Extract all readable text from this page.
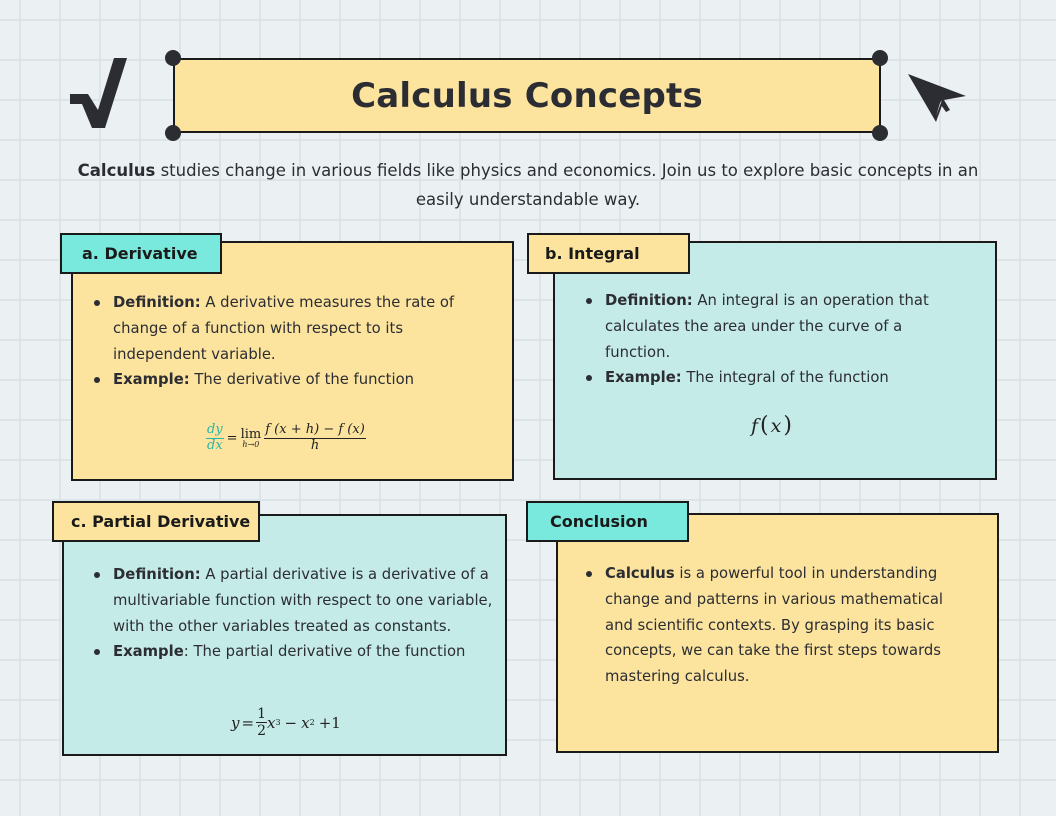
Calculus Concepts

Calculus studies change in various fields like physics and economics. Join us to explore basic concepts in an easily understandable way.

Definition: A derivative measures the rate of change of a function with respect to its independent variable.
Example: The derivative of the function
$\frac{dy}{dx} = \lim$
$h\to 0 \frac{f (x + h) - f (x)}{h}$
a. Derivative
Definition: An integral is an operation that calculates the area under the curve of a function.
Example: The integral of the function
f( x)
b. Integral
Definition: A partial derivative is a derivative of a multivariable function with respect to one variable, with the other variables treated as constants.
Example: The partial derivative of the function
$y = \frac{1}{2}$ x 3 − x 2 +1
c. Partial Derivative
Calculus is a powerful tool in understanding change and patterns in various mathematical and scientific contexts. By grasping its basic concepts, we can take the first steps towards mastering calculus.
Conclusion
